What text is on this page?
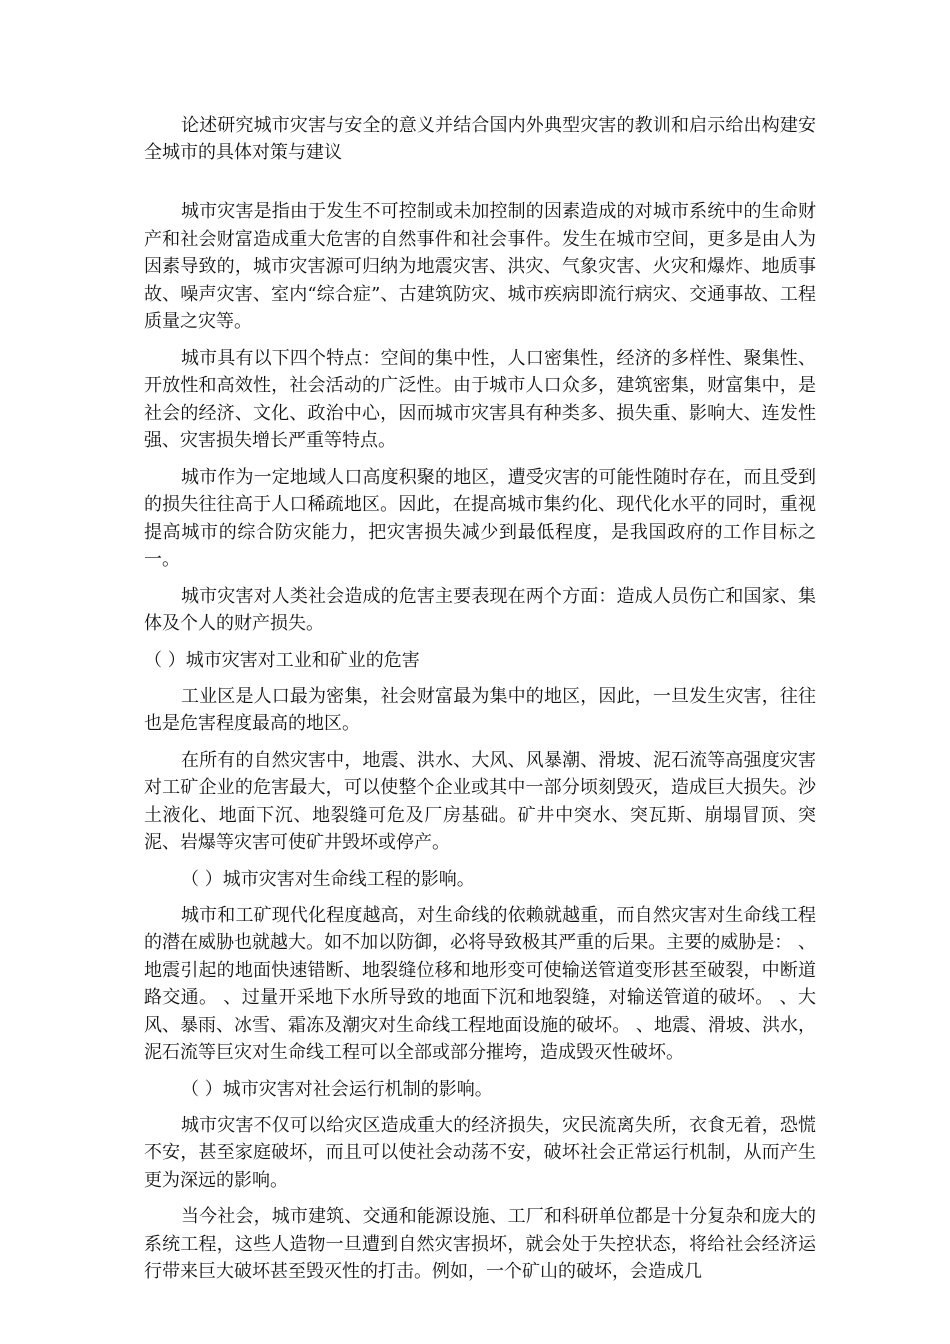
论述研究城市灾害与安全的意义并结合国内外典型灾害的教训和启示给出构建安全城市的具体对策与建议

城市灾害是指由于发生不可控制或未加控制的因素造成的对城市系统中的生命财产和社会财富造成重大危害的自然事件和社会事件。发生在城市空间，更多是由人为因素导致的，城市灾害源可归纳为地震灾害、洪灾、气象灾害、火灾和爆炸、地质事故、噪声灾害、室内“综合症”、古建筑防灾、城市疾病即流行病灾、交通事故、工程质量之灾等。

城市具有以下四个特点：空间的集中性，人口密集性，经济的多样性、聚集性、开放性和高效性，社会活动的广泛性。由于城市人口众多，建筑密集，财富集中，是社会的经济、文化、政治中心，因而城市灾害具有种类多、损失重、影响大、连发性强、灾害损失增长严重等特点。

城市作为一定地域人口高度积聚的地区，遭受灾害的可能性随时存在，而且受到的损失往往高于人口稀疏地区。因此，在提高城市集约化、现代化水平的同时，重视提高城市的综合防灾能力，把灾害损失减少到最低程度，是我国政府的工作目标之一。

城市灾害对人类社会造成的危害主要表现在两个方面：造成人员伤亡和国家、集体及个人的财产损失。

（ ）城市灾害对工业和矿业的危害

工业区是人口最为密集，社会财富最为集中的地区，因此，一旦发生灾害，往往也是危害程度最高的地区。

在所有的自然灾害中，地震、洪水、大风、风暴潮、滑坡、泥石流等高强度灾害对工矿企业的危害最大，可以使整个企业或其中一部分顷刻毁灭，造成巨大损失。沙土液化、地面下沉、地裂缝可危及厂房基础。矿井中突水、突瓦斯、崩塌冒顶、突泥、岩爆等灾害可使矿井毁坏或停产。

（ ）城市灾害对生命线工程的影响。

城市和工矿现代化程度越高，对生命线的依赖就越重，而自然灾害对生命线工程的潜在威胁也就越大。如不加以防御，必将导致极其严重的后果。主要的威胁是： 、地震引起的地面快速错断、地裂缝位移和地形变可使输送管道变形甚至破裂，中断道路交通。 、过量开采地下水所导致的地面下沉和地裂缝，对输送管道的破坏。 、大风、暴雨、冰雪、霜冻及潮灾对生命线工程地面设施的破坏。 、地震、滑坡、洪水，泥石流等巨灾对生命线工程可以全部或部分摧垮，造成毁灭性破坏。

（ ）城市灾害对社会运行机制的影响。

城市灾害不仅可以给灾区造成重大的经济损失，灾民流离失所，衣食无着，恐慌不安，甚至家庭破坏，而且可以使社会动荡不安，破坏社会正常运行机制，从而产生更为深远的影响。

当今社会，城市建筑、交通和能源设施、工厂和科研单位都是十分复杂和庞大的系统工程，这些人造物一旦遭到自然灾害损坏，就会处于失控状态，将给社会经济运行带来巨大破坏甚至毁灭性的打击。例如，一个矿山的破坏，会造成几
